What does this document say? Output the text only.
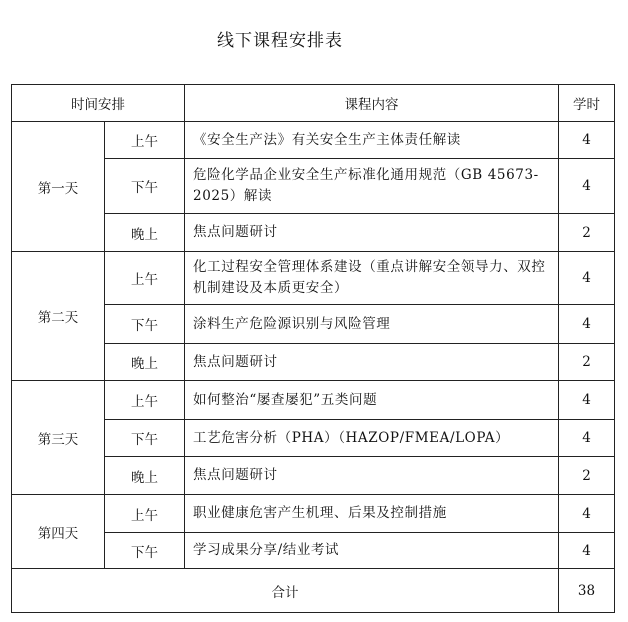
线下课程安排表
时间安排		课程内容	学时
第一天	上午	《安全生产法》有关安全生产主体责任解读	4
	下午	危险化学品企业安全生产标准化通用规范（GB 45673-2025）解读	4
	晚上	焦点问题研讨	2
第二天	上午	化工过程安全管理体系建设（重点讲解安全领导力、双控机制建设及本质更安全）	4
	下午	涂料生产危险源识别与风险管理	4
	晚上	焦点问题研讨	2
第三天	上午	如何整治“屡查屡犯”五类问题	4
	下午	工艺危害分析（PHA）（HAZOP/FMEA/LOPA）	4
	晚上	焦点问题研讨	2
第四天	上午	职业健康危害产生机理、后果及控制措施	4
	下午	学习成果分享/结业考试	4
合计			38
